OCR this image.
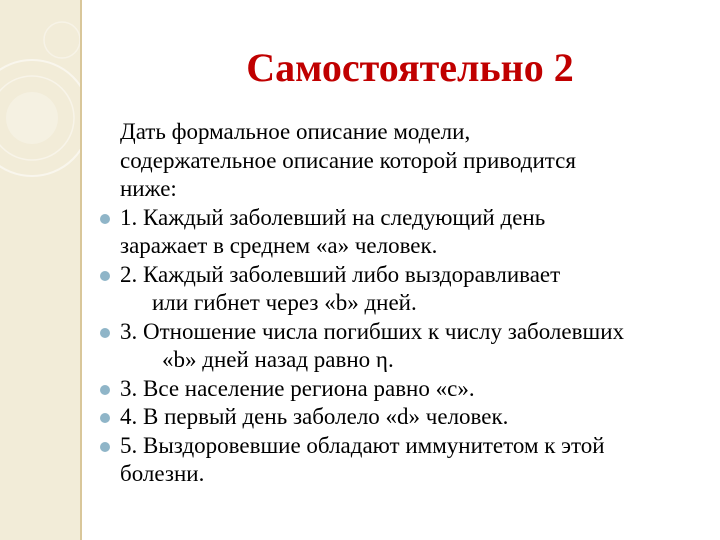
Самостоятельно 2
Дать формальное описание модели,
содержательное описание которой приводится
ниже:
1. Каждый заболевший на следующий день
заражает в среднем «a» человек.
2. Каждый заболевший либо выздоравливает
или гибнет через «b» дней.
3. Отношение числа погибших к числу заболевших
«b» дней назад равно η.
3. Все население региона равно «c».
4. В первый день заболело «d» человек.
5. Выздоровевшие обладают иммунитетом к этой
болезни.
